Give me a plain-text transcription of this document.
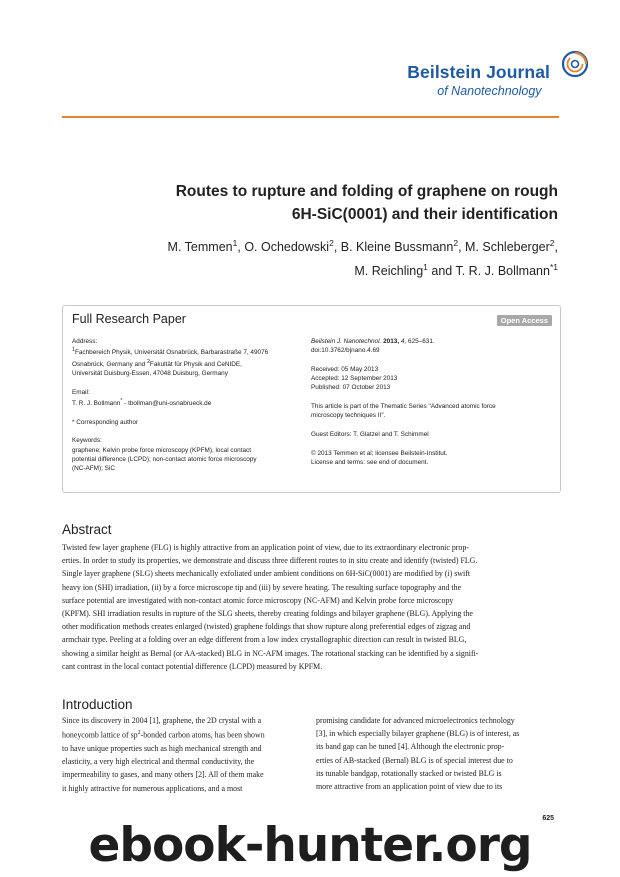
Beilstein Journal
of Nanotechnology
Routes to rupture and folding of graphene on rough
6H-SiC(0001) and their identification
M. Temmen$^1$, O. Ochedowski$^2$, B. Kleine Bussmann$^2$, M. Schleberger$^2$,
M. Reichling$^1$ and T. R. J. Bollmann$^{*1}$
Full Research Paper	Open Access
Address:
$^1$Fachbereich Physik, Universität Osnabrück, Barbarastraße 7, 49076
Osnabrück, Germany and $^2$Fakultät für Physik and CeNIDE,
Universität Duisburg-Essen, 47048 Duisburg, Germany
Email:
T. R. J. Bollmann* - tbollman@uni-osnabrueck.de
* Corresponding author
Keywords:
graphene; Kelvin probe force microscopy (KPFM), local contact
potential difference (LCPD); non-contact atomic force microscopy
(NC-AFM); SiC
Beilstein J. Nanotechnol. 2013, 4, 625–631.
doi:10.3762/bjnano.4.69
Received: 05 May 2013
Accepted: 12 September 2013
Published: 07 October 2013
This article is part of the Thematic Series "Advanced atomic force
microscopy techniques II".
Guest Editors: T. Glatzel and T. Schimmel
© 2013 Temmen et al; licensee Beilstein-Institut.
License and terms: see end of document.
Abstract
Twisted few layer graphene (FLG) is highly attractive from an application point of view, due to its extraordinary electronic prop-
erties. In order to study its properties, we demonstrate and discuss three different routes to in situ create and identify (twisted) FLG.
Single layer graphene (SLG) sheets mechanically exfoliated under ambient conditions on 6H-SiC(0001) are modified by (i) swift
heavy ion (SHI) irradiation, (ii) by a force microscope tip and (iii) by severe heating. The resulting surface topography and the
surface potential are investigated with non-contact atomic force microscopy (NC-AFM) and Kelvin probe force microscopy
(KPFM). SHI irradiation results in rupture of the SLG sheets, thereby creating foldings and bilayer graphene (BLG). Applying the
other modification methods creates enlarged (twisted) graphene foldings that show rupture along preferential edges of zigzag and
armchair type. Peeling at a folding over an edge different from a low index crystallographic direction can result in twisted BLG,
showing a similar height as Bernal (or AA-stacked) BLG in NC-AFM images. The rotational stacking can be identified by a signifi-
cant contrast in the local contact potential difference (LCPD) measured by KPFM.
Introduction
Since its discovery in 2004 [1], graphene, the 2D crystal with a
honeycomb lattice of $sp^2$-bonded carbon atoms, has been shown
to have unique properties such as high mechanical strength and
elasticity, a very high electrical and thermal conductivity, the
impermeability to gases, and many others [2]. All of them make
it highly attractive for numerous applications, and a most
promising candidate for advanced microelectronics technology
[3], in which especially bilayer graphene (BLG) is of interest, as
its band gap can be tuned [4]. Although the electronic prop-
erties of AB-stacked (Bernal) BLG is of special interest due to
its tunable bandgap, rotationally stacked or twisted BLG is
more attractive from an application point of view due to its
625
ebook-hunter.org
